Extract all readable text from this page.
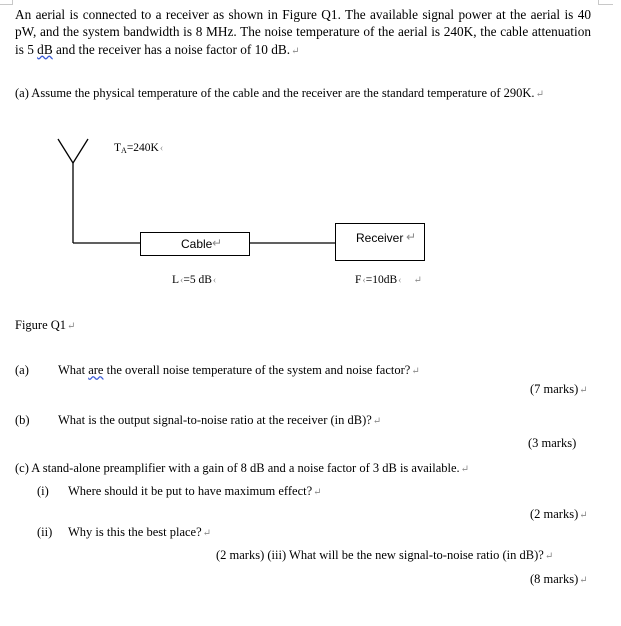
An aerial is connected to a receiver as shown in Figure Q1. The available signal power at the aerial is 40 pW, and the system bandwidth is 8 MHz. The noise temperature of the aerial is 240K, the cable attenuation is 5 dB and the receiver has a noise factor of 10 dB.↵
(a) Assume the physical temperature of the cable and the receiver are the standard temperature of 290K.↵
Cable ↵	Receiver ↵
$T_A=240K‹$
L‹=5 dB‹	F‹=10dB‹ ↵
Figure Q1↵
(a) What are the overall noise temperature of the system and noise factor?↵
(7 marks)↵
(b) What is the output signal-to-noise ratio at the receiver (in dB)?↵
(3 marks)
(c) A stand-alone preamplifier with a gain of 8 dB and a noise factor of 3 dB is available.↵
(i) Where should it be put to have maximum effect?↵
(2 marks)↵
(ii) Why is this the best place?↵
(2 marks) (iii) What will be the new signal-to-noise ratio (in dB)?↵
(8 marks)↵
